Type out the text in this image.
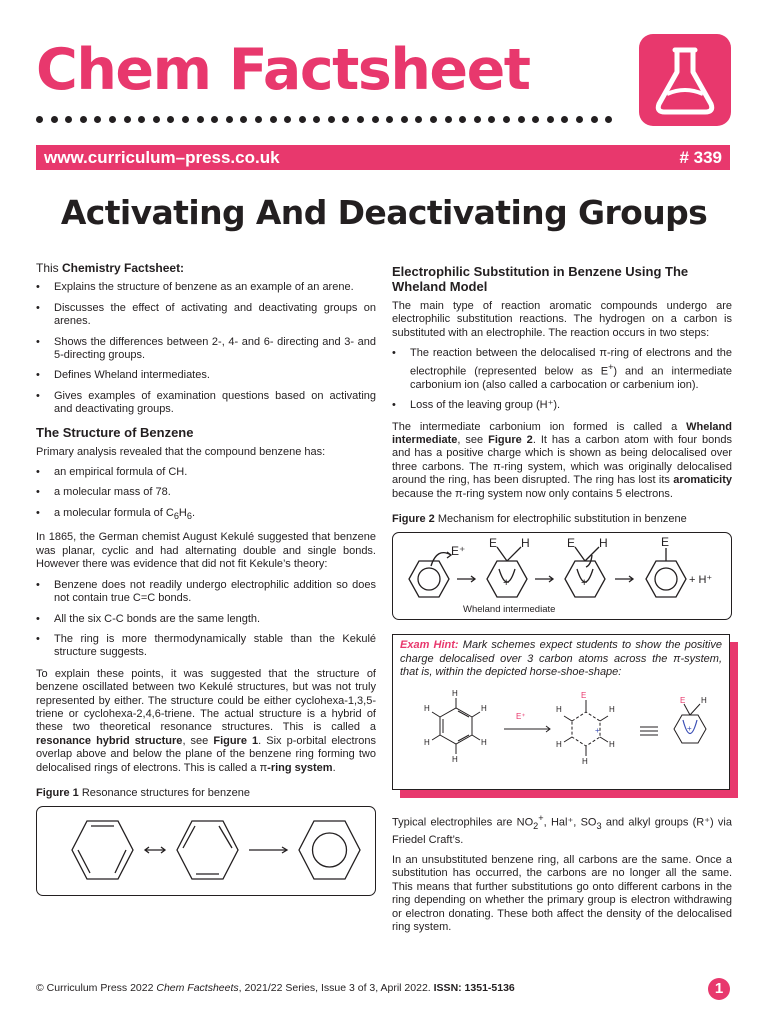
Chem Factsheet
www.curriculum–press.co.uk	# 339
Activating And Deactivating Groups

This Chemistry Factsheet:

• Explains the structure of benzene as an example of an arene.
• Discusses the effect of activating and deactivating groups on arenes.
• Shows the differences between 2-, 4- and 6- directing and 3- and 5-directing groups.
• Defines Wheland intermediates.
• Gives examples of examination questions based on activating and deactivating groups.
The Structure of Benzene

Primary analysis revealed that the compound benzene has:

• an empirical formula of CH.
• a molecular mass of 78.
• a molecular formula of $C_6H_6$.

In 1865, the German chemist August Kekulé suggested that benzene was planar, cyclic and had alternating double and single bonds. However there was evidence that did not fit Kekule’s theory:

• Benzene does not readily undergo electrophilic addition so does not contain true C=C bonds.
• All the six C-C bonds are the same length.
• The ring is more thermodynamically stable than the Kekulé structure suggests.

To explain these points, it was suggested that the structure of benzene oscillated between two Kekulé structures, but was not truly represented by either. The structure could be either cyclohexa-1,3,5-triene or cyclohexa-2,4,6-triene. The actual structure is a hybrid of these two theoretical resonance structures. This is called a resonance hybrid structure, see Figure 1. Six p-orbital electrons overlap above and below the plane of the benzene ring forming two delocalised rings of electrons. This is called a π-ring system.

Figure 1 Resonance structures for benzene

Electrophilic Substitution in Benzene Using The Wheland Model

The main type of reaction aromatic compounds undergo are electrophilic substitution reactions. The hydrogen on a carbon is substituted with an electrophile. The reaction occurs in two steps:

• The reaction between the delocalised π-ring of electrons and the electrophile (represented below as E+) and an intermediate carbonium ion (also called a carbocation or carbenium ion).
• Loss of the leaving group (H⁺).

The intermediate carbonium ion formed is called a Wheland intermediate, see Figure 2. It has a carbon atom with four bonds and has a positive charge which is shown as being delocalised over three carbons. The π-ring system, which was originally delocalised around the ring, has been disrupted. The ring has lost its aromaticity because the π-ring system now only contains 5 electrons.

Figure 2 Mechanism for electrophilic substitution in benzene

E⁺
E H
+
E H
+
E
+ H⁺
Wheland intermediate

Exam Hint: Mark schemes expect students to show the positive charge delocalised over 3 carbon atoms across the π-system, that is, within the depicted horse-shoe-shape:

H
H	H
H	H
H
E⁺
E
H	H
H	H
H
+
E H
+

Typical electrophiles are $NO_2^+$, Hal⁺, $SO_3$ and alkyl groups (R⁺) via Friedel Craft’s.

In an unsubstituted benzene ring, all carbons are the same. Once a substitution has occurred, the carbons are no longer all the same. This means that further substitutions go onto different carbons in the ring depending on whether the primary group is electron withdrawing or electron donating. These both affect the density of the delocalised ring system.

© Curriculum Press 2022 Chem Factsheets, 2021/22 Series, Issue 3 of 3, April 2022. ISSN: 1351-5136	1
